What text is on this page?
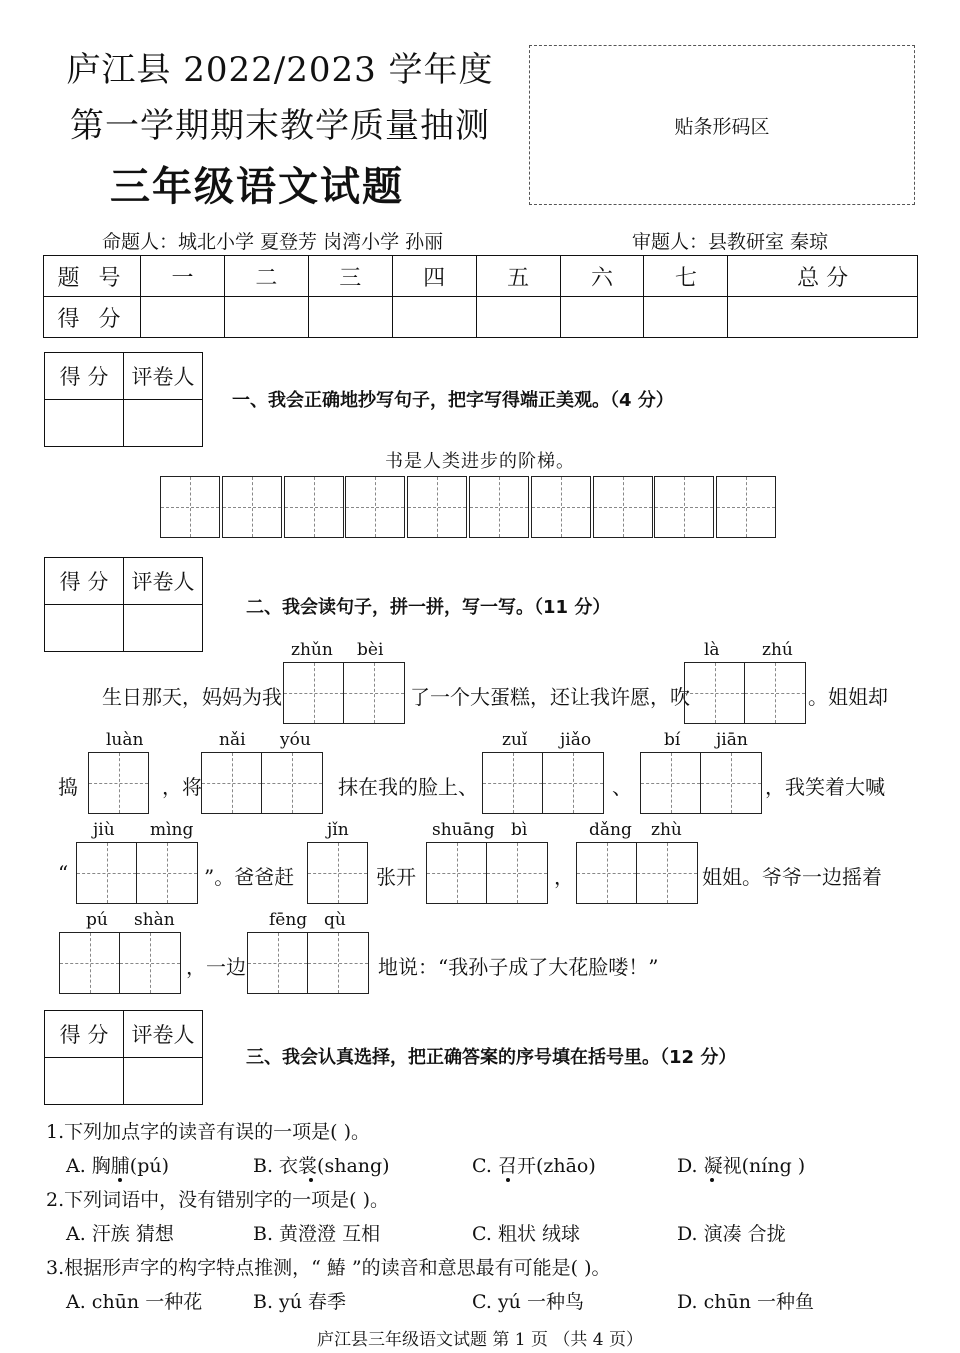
庐江县 2022/2023 学年度
第一学期期末教学质量抽测
三年级语文试题
贴条形码区
命题人：城北小学 夏登芳 岗湾小学 孙丽	审题人：县教研室 秦琼
题 号	一	二	三	四	五	六	七	总 分
得 分								
得 分	评卷人

一、我会正确地抄写句子，把字写得端正美观。（4 分）
书是人类进步的阶梯。
得 分	评卷人

二、我会读句子，拼一拼，写一写。（11 分）
zhǔn bèi	là zhú
生日那天，妈妈为我	了一个大蛋糕，还让我许愿，吹	。姐姐却
luàn	nǎi yóu	zuǐ jiǎo	bí jiān
捣	，将	抹在我的脸上、	、	，我笑着大喊
jiù mìng	jǐn	shuāng bì	dǎng zhù
“	”。爸爸赶	张开	，	姐姐。爷爷一边摇着
pú shàn	fēng qù
，一边	地说：“我孙子成了大花脸喽！”
得 分	评卷人

三、我会认真选择，把正确答案的序号填在括号里。（12 分）
1.下列加点字的读音有误的一项是( )。
A. 胸脯(pú)	B. 衣裳(shang)	C. 召开(zhāo)	D. 凝视(níng )
2.下列词语中，没有错别字的一项是( )。
A. 汗族 猜想	B. 黄澄澄 互相	C. 粗状 绒球	D. 演凑 合拢
3.根据形声字的构字特点推测，“ 鰆 ”的读音和意思最有可能是( )。
A. chūn 一种花	B. yú 春季	C. yú 一种鸟	D. chūn 一种鱼
庐江县三年级语文试题 第 1 页 （共 4 页）
